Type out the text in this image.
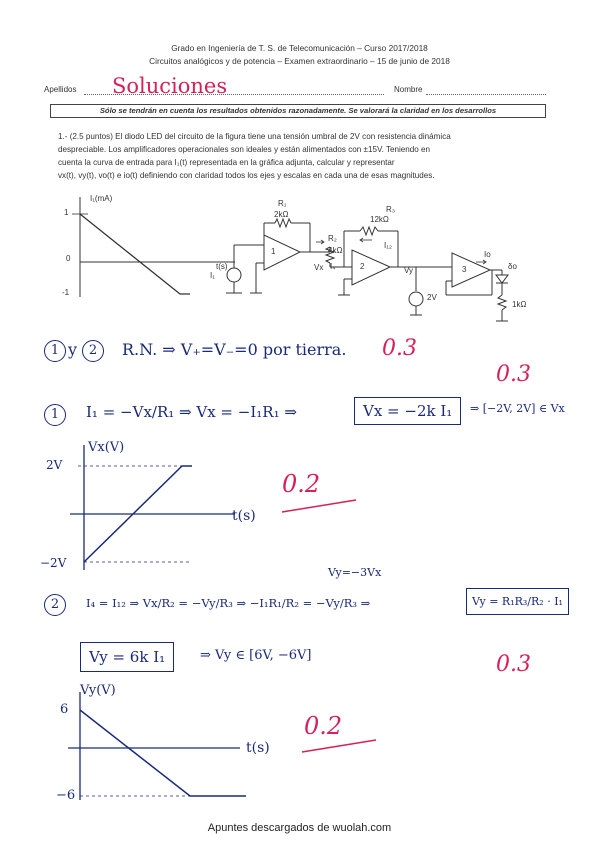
Grado en Ingeniería de T. S. de Telecomunicación – Curso 2017/2018
Circuitos analógicos y de potencia – Examen extraordinario – 15 de junio de 2018
Apellidos Soluciones	Nombre
Sólo se tendrán en cuenta los resultados obtenidos razonadamente. Se valorará la claridad en los desarrollos
1.- (2.5 puntos) El diodo LED del circuito de la figura tiene una tensión umbral de 2V con resistencia dinámica
despreciable. Los amplificadores operacionales son ideales y están alimentados con ±15V. Teniendo en
cuenta la curva de entrada para I₁(t) representada en la gráfica adjunta, calcular y representar
vx(t), vy(t), vo(t) e io(t) definiendo con claridad todos los ejes y escalas en cada una de esas magnitudes.
I₁(mA)
t(s)
1
0
-1
R₁
2kΩ
R₂
4kΩ
R₃
12kΩ
1kΩ
I₁
Vx	Vy
I₄
I₁₂
Io
δo
2V
1
2	3
1 y 2	R.N. ⇒ V₊=V₋=0 por tierra. 0.3
1	I₁ = −Vx/R₁ ⇒ Vx = −I₁R₁ ⇒	Vx = −2k I₁	⇒ [−2V, 2V] ∈ Vx
0.3
Vx(V)
2V
−2V
t(s)
0.2
Vy=−3Vx
2	I₄ = I₁₂ ⇒ Vx/R₂ = −Vy/R₃ ⇒ −I₁R₁/R₂ = −Vy/R₃ ⇒	Vy = R₁R₃/R₂ · I₁
Vy = 6k I₁	⇒ Vy ∈ [6V, −6V]	0.3
Vy(V)
6
−6
t(s)
0.2
Apuntes descargados de wuolah.com
